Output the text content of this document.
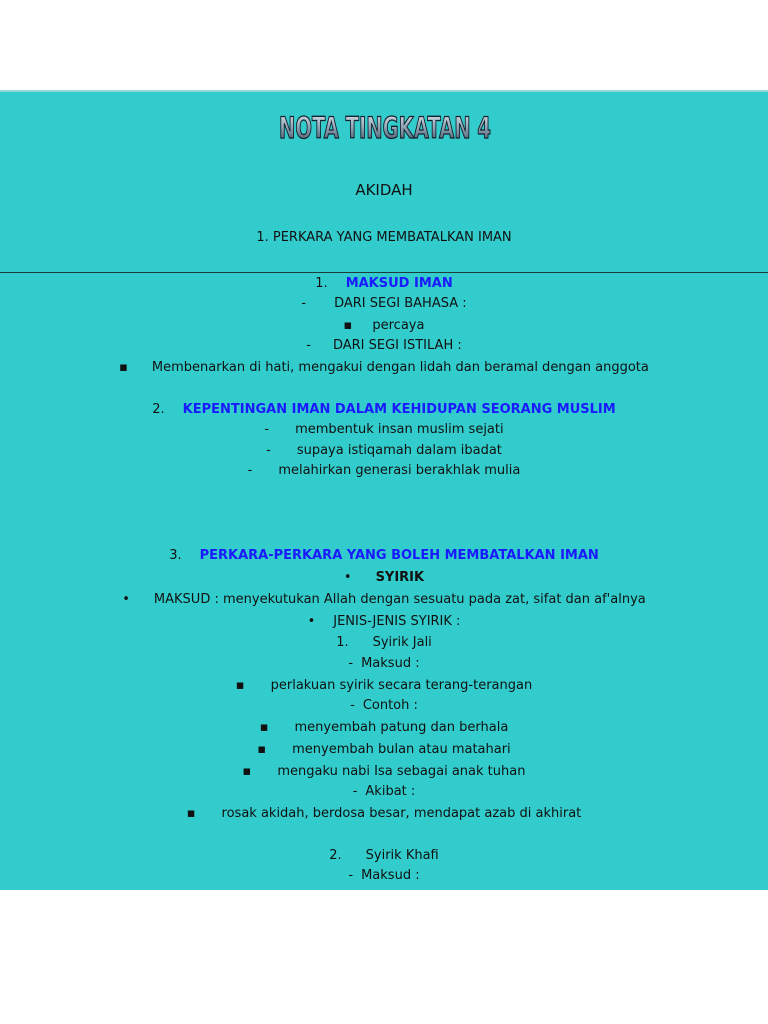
NOTA TINGKATAN 4
AKIDAH
1. PERKARA YANG MEMBATALKAN IMAN
1. MAKSUD IMAN
- DARI SEGI BAHASA :
▪ percaya
- DARI SEGI ISTILAH :
▪ Membenarkan di hati, mengakui dengan lidah dan beramal dengan anggota
2. KEPENTINGAN IMAN DALAM KEHIDUPAN SEORANG MUSLIM
- membentuk insan muslim sejati
- supaya istiqamah dalam ibadat
- melahirkan generasi berakhlak mulia
3. PERKARA-PERKARA YANG BOLEH MEMBATALKAN IMAN
• SYIRIK
• MAKSUD : menyekutukan Allah dengan sesuatu pada zat, sifat dan af'alnya
• JENIS-JENIS SYIRIK :
1. Syirik Jali
- Maksud :
▪ perlakuan syirik secara terang-terangan
- Contoh :
▪ menyembah patung dan berhala
▪ menyembah bulan atau matahari
▪ mengaku nabi Isa sebagai anak tuhan
- Akibat :
▪ rosak akidah, berdosa besar, mendapat azab di akhirat
2. Syirik Khafi
- Maksud :
